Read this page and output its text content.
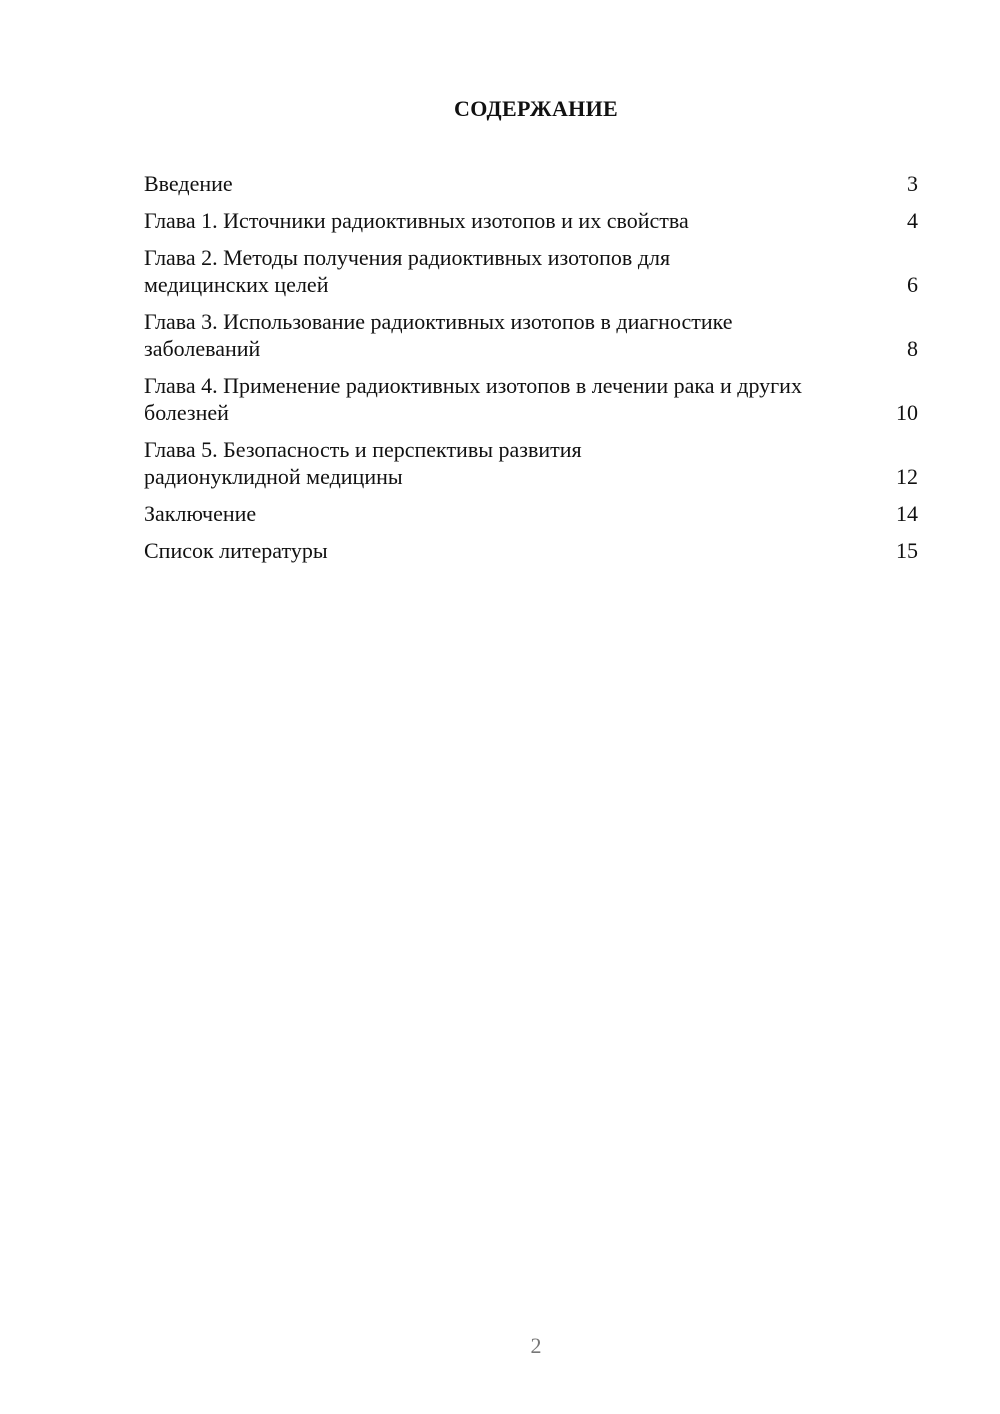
СОДЕРЖАНИЕ
Введение	3
Глава 1. Источники радиоктивных изотопов и их свойства	4
Глава 2. Методы получения радиоктивных изотопов для медицинских целей	6
Глава 3. Использование радиоктивных изотопов в диагностике заболеваний	8
Глава 4. Применение радиоктивных изотопов в лечении рака и других болезней	10
Глава 5. Безопасность и перспективы развития радионуклидной медицины	12
Заключение	14
Список литературы	15
2
